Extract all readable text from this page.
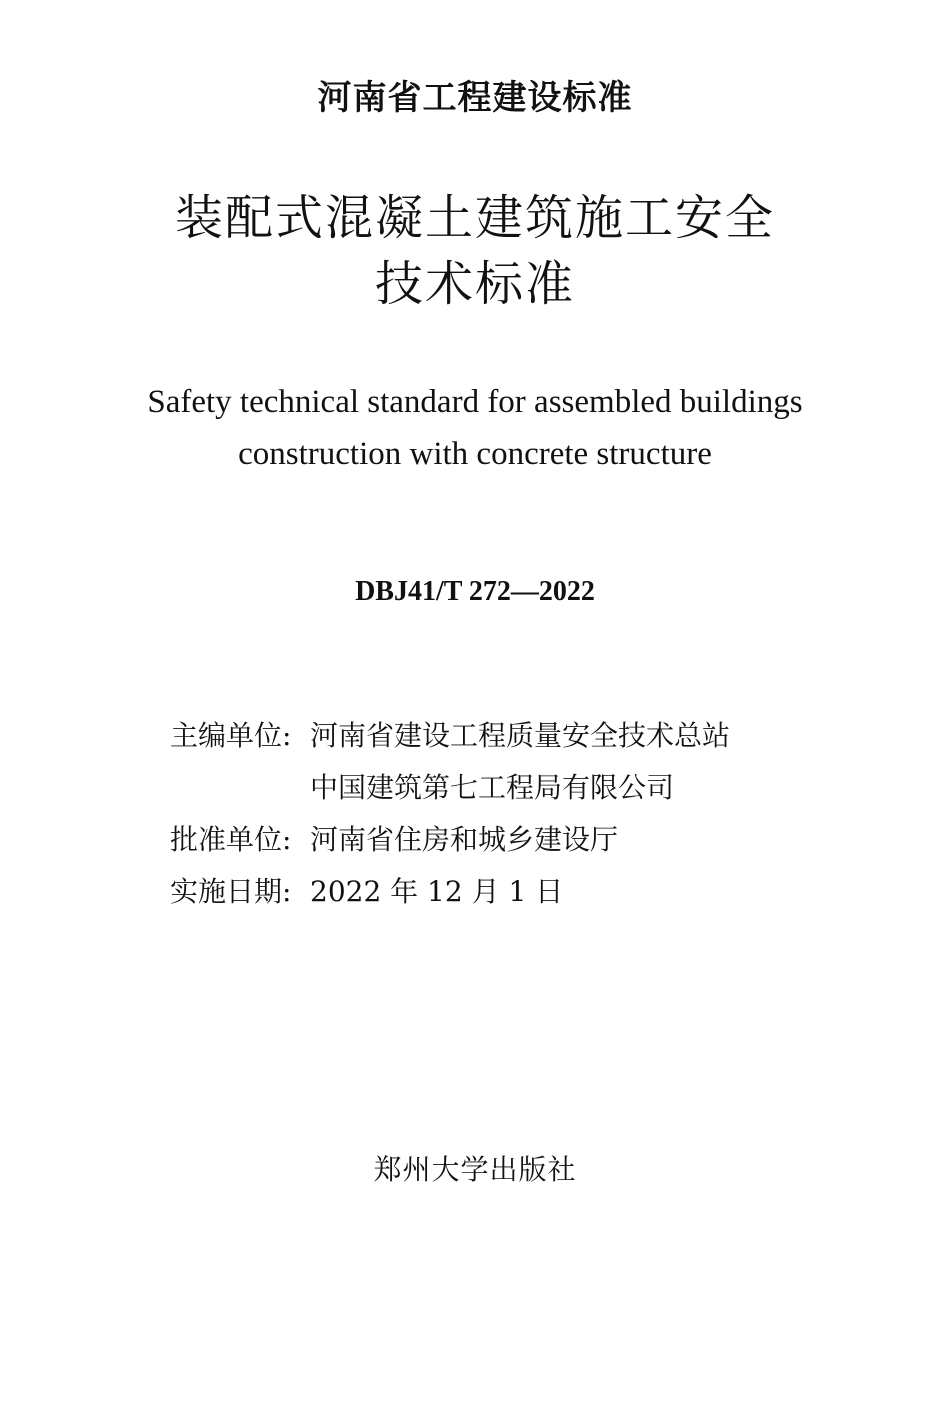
河南省工程建设标准
装配式混凝土建筑施工安全
技术标准
Safety technical standard for assembled buildings
construction with concrete structure
DBJ41/T 272—2022
主编单位: 河南省建设工程质量安全技术总站
中国建筑第七工程局有限公司
批准单位: 河南省住房和城乡建设厅
实施日期: 2022 年 12 月 1 日
郑州大学出版社
